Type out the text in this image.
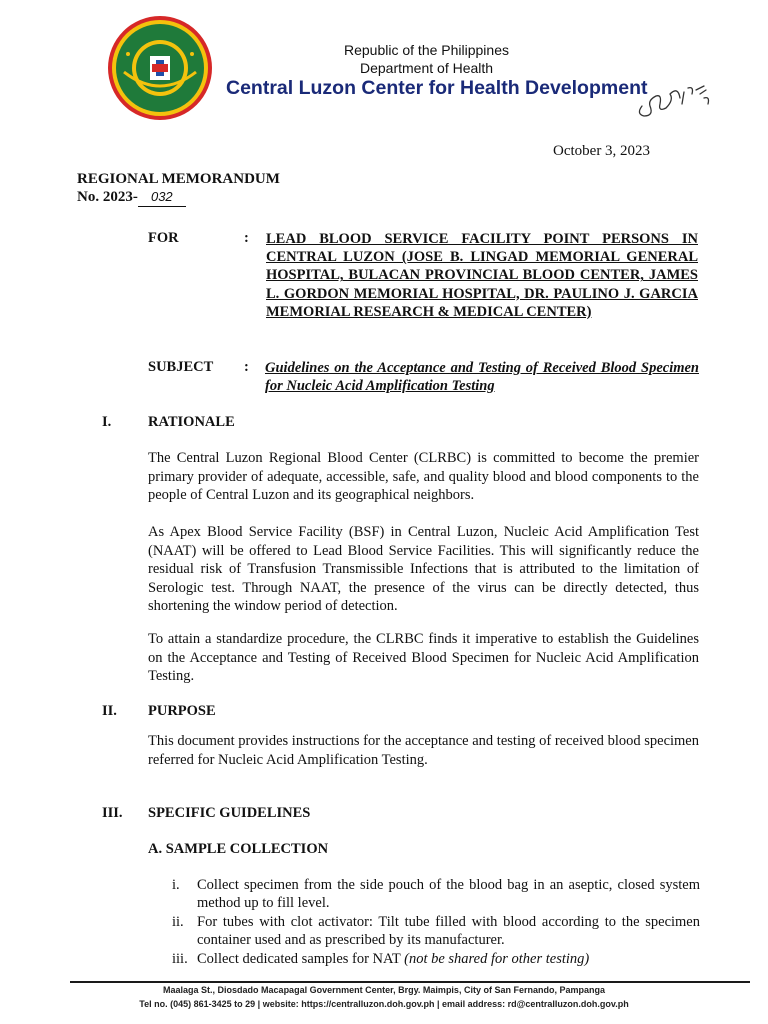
Republic of the Philippines
Department of Health
Central Luzon Center for Health Development
October 3, 2023
REGIONAL MEMORANDUM
No. 2023- 032
FOR	: LEAD BLOOD SERVICE FACILITY POINT PERSONS IN CENTRAL LUZON (JOSE B. LINGAD MEMORIAL GENERAL HOSPITAL, BULACAN PROVINCIAL BLOOD CENTER, JAMES L. GORDON MEMORIAL HOSPITAL, DR. PAULINO J. GARCIA MEMORIAL RESEARCH & MEDICAL CENTER)
SUBJECT : Guidelines on the Acceptance and Testing of Received Blood Specimen for Nucleic Acid Amplification Testing
I.	RATIONALE
The Central Luzon Regional Blood Center (CLRBC) is committed to become the premier primary provider of adequate, accessible, safe, and quality blood and blood components to the people of Central Luzon and its geographical neighbors.
As Apex Blood Service Facility (BSF) in Central Luzon, Nucleic Acid Amplification Test (NAAT) will be offered to Lead Blood Service Facilities. This will significantly reduce the residual risk of Transfusion Transmissible Infections that is attributed to the limitation of Serologic test. Through NAAT, the presence of the virus can be directly detected, thus shortening the window period of detection.
To attain a standardize procedure, the CLRBC finds it imperative to establish the Guidelines on the Acceptance and Testing of Received Blood Specimen for Nucleic Acid Amplification Testing.
II. PURPOSE
This document provides instructions for the acceptance and testing of received blood specimen referred for Nucleic Acid Amplification Testing.
III. SPECIFIC GUIDELINES
A. SAMPLE COLLECTION
i.	Collect specimen from the side pouch of the blood bag in an aseptic, closed system method up to fill level.
ii. For tubes with clot activator: Tilt tube filled with blood according to the specimen container used and as prescribed by its manufacturer.
iii. Collect dedicated samples for NAT (not be shared for other testing)
Maalaga St., Diosdado Macapagal Government Center, Brgy. Maimpis, City of San Fernando, Pampanga
Tel no. (045) 861-3425 to 29 | website: https://centralluzon.doh.gov.ph | email address: rd@centralluzon.doh.gov.ph
